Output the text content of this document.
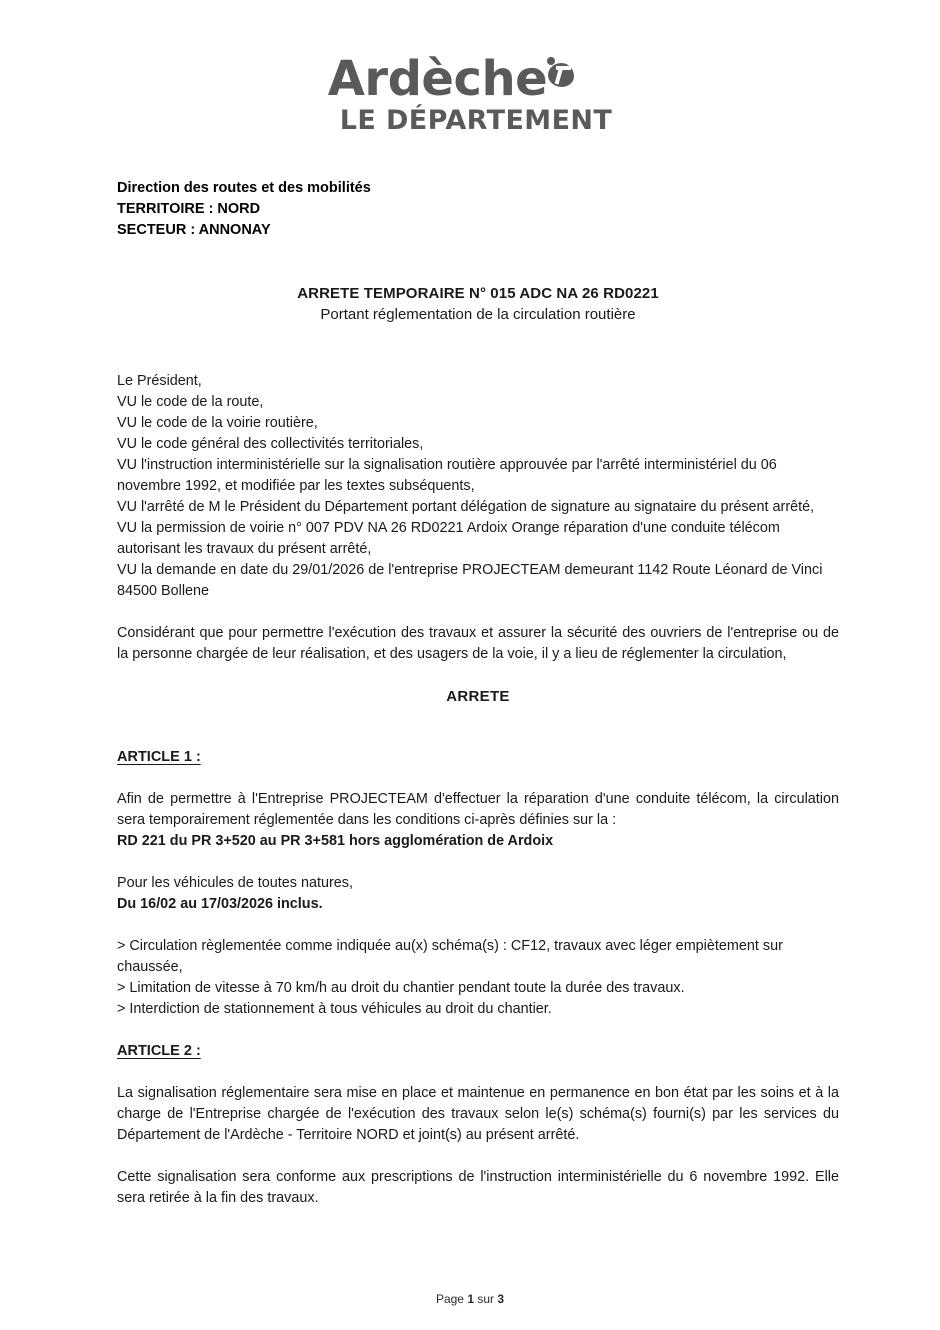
Ardèche
LE DÉPARTEMENT
Direction des routes et des mobilités
TERRITOIRE : NORD
SECTEUR : ANNONAY
ARRETE TEMPORAIRE N° 015 ADC NA 26 RD0221
Portant réglementation de la circulation routière

Le Président,

VU le code de la route,

VU le code de la voirie routière,

VU le code général des collectivités territoriales,

VU l'instruction interministérielle sur la signalisation routière approuvée par l'arrêté interministériel du 06 novembre 1992, et modifiée par les textes subséquents,

VU l'arrêté de M le Président du Département portant délégation de signature au signataire du présent arrêté,

VU la permission de voirie n° 007 PDV NA 26 RD0221 Ardoix Orange réparation d'une conduite télécom autorisant les travaux du présent arrêté,

VU la demande en date du 29/01/2026 de l'entreprise PROJECTEAM demeurant 1142 Route Léonard de Vinci 84500 Bollene

Considérant que pour permettre l'exécution des travaux et assurer la sécurité des ouvriers de l'entreprise ou de la personne chargée de leur réalisation, et des usagers de la voie, il y a lieu de réglementer la circulation,

ARRETE
ARTICLE 1 :

Afin de permettre à l'Entreprise PROJECTEAM d'effectuer la réparation d'une conduite télécom, la circulation sera temporairement réglementée dans les conditions ci-après définies sur la :

RD 221 du PR 3+520 au PR 3+581 hors agglomération de Ardoix

Pour les véhicules de toutes natures,

Du 16/02 au 17/03/2026 inclus.

> Circulation règlementée comme indiquée au(x) schéma(s) : CF12, travaux avec léger empiètement sur chaussée,

> Limitation de vitesse à 70 km/h au droit du chantier pendant toute la durée des travaux.

> Interdiction de stationnement à tous véhicules au droit du chantier.

ARTICLE 2 :

La signalisation réglementaire sera mise en place et maintenue en permanence en bon état par les soins et à la charge de l'Entreprise chargée de l'exécution des travaux selon le(s) schéma(s) fourni(s) par les services du Département de l'Ardèche - Territoire NORD et joint(s) au présent arrêté.

Cette signalisation sera conforme aux prescriptions de l'instruction interministérielle du 6 novembre 1992. Elle sera retirée à la fin des travaux.

Page 1 sur 3
